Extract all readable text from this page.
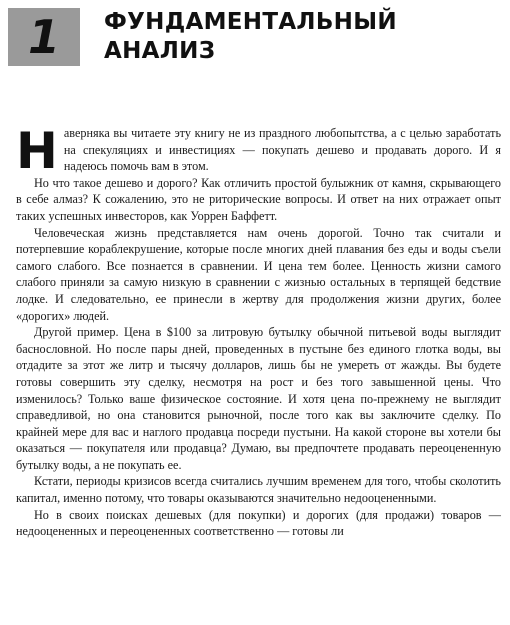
1 ФУНДАМЕНТАЛЬНЫЙ
АНАЛИЗ

Наверняка вы читаете эту книгу не из праздного любопытства, а с целью заработать на спекуляциях и инвестициях — покупать дешево и продавать дорого. И я надеюсь помочь вам в этом.

Но что такое дешево и дорого? Как отличить простой булыжник от камня, скрывающего в себе алмаз? К сожалению, это не риторические вопросы. И ответ на них отражает опыт таких успешных инвесторов, как Уоррен Баффетт.

Человеческая жизнь представляется нам очень дорогой. Точно так считали и потерпевшие кораблекрушение, которые после многих дней плавания без еды и воды съели самого слабого. Все познается в сравнении. И цена тем более. Ценность жизни самого слабого приняли за самую низкую в сравнении с жизнью остальных в терпящей бедствие лодке. И следовательно, ее принесли в жертву для продолжения жизни других, более «дорогих» людей.

Другой пример. Цена в $100 за литровую бутылку обычной питьевой воды выглядит баснословной. Но после пары дней, проведенных в пустыне без единого глотка воды, вы отдадите за этот же литр и тысячу долларов, лишь бы не умереть от жажды. Вы будете готовы совершить эту сделку, несмотря на рост и без того завышенной цены. Что изменилось? Только ваше физическое состояние. И хотя цена по-прежнему не выглядит справедливой, но она становится рыночной, после того как вы заключите сделку. По крайней мере для вас и наглого продавца посреди пустыни. На какой стороне вы хотели бы оказаться — покупателя или продавца? Думаю, вы предпочтете продавать переоцененную бутылку воды, а не покупать ее.

Кстати, периоды кризисов всегда считались лучшим временем для того, чтобы сколотить капитал, именно потому, что товары оказываются значительно недооцененными.

Но в своих поисках дешевых (для покупки) и дорогих (для продажи) товаров — недооцененных и переоцененных соответственно — готовы ли
